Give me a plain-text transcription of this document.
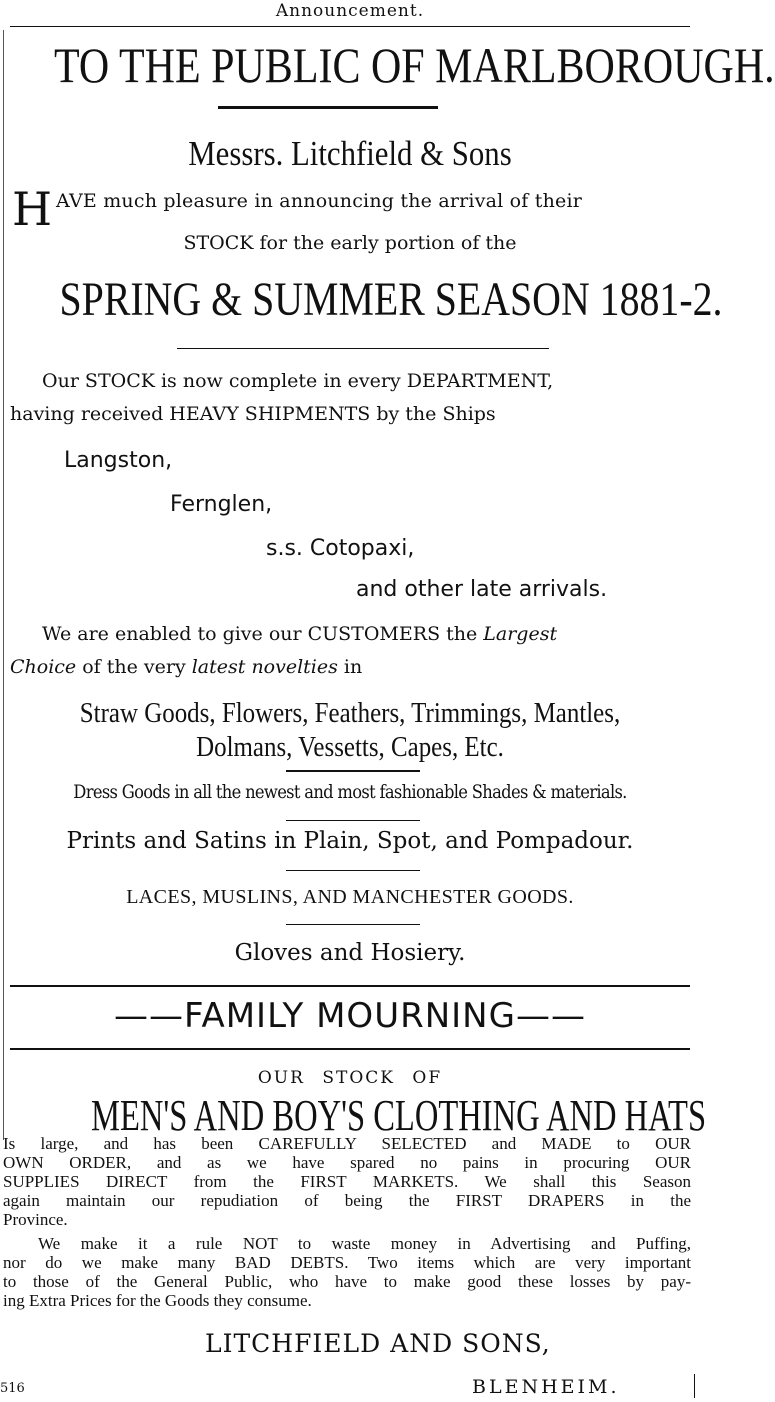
Announcement.
TO THE PUBLIC OF MARLBOROUGH.
Messrs. Litchfield & Sons
H AVE much pleasure in announcing the arrival of their
STOCK for the early portion of the
SPRING & SUMMER SEASON 1881-2.
Our STOCK is now complete in every DEPARTMENT,
having received HEAVY SHIPMENTS by the Ships
Langston,
Fernglen,
s.s. Cotopaxi,
and other late arrivals.
We are enabled to give our CUSTOMERS the Largest
Choice of the very latest novelties in
Straw Goods, Flowers, Feathers, Trimmings, Mantles,
Dolmans, Vessetts, Capes, Etc.
Dress Goods in all the newest and most fashionable Shades & materials.
Prints and Satins in Plain, Spot, and Pompadour.
LACES, MUSLINS, AND MANCHESTER GOODS.
Gloves and Hosiery.
——FAMILY MOURNING——
OUR STOCK OF
MEN'S AND BOY'S CLOTHING AND HATS
Is large, and has been CAREFULLY SELECTED and MADE to OUR
OWN ORDER, and as we have spared no pains in procuring OUR
SUPPLIES DIRECT from the FIRST MARKETS. We shall this Season
again maintain our repudiation of being the FIRST DRAPERS in the
Province.
We make it a rule NOT to waste money in Advertising and Puffing,
nor do we make many BAD DEBTS. Two items which are very important
to those of the General Public, who have to make good these losses by pay-
ing Extra Prices for the Goods they consume.
LITCHFIELD AND SONS,
BLENHEIM.
516
